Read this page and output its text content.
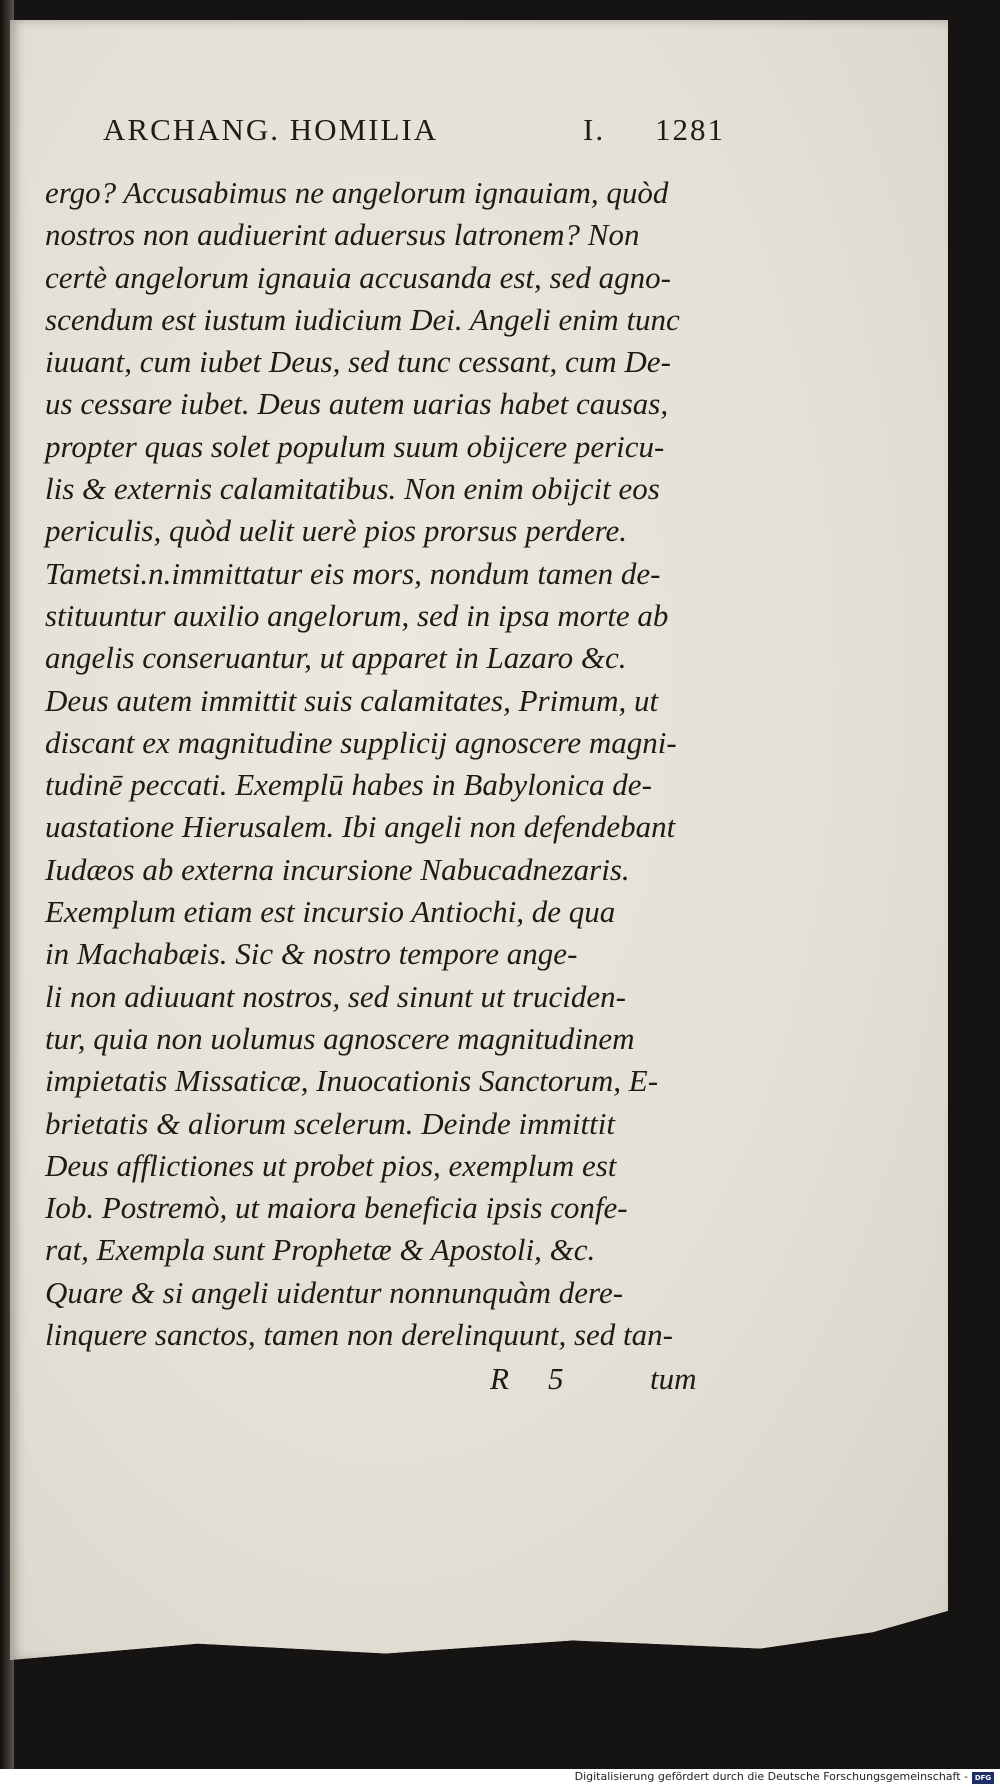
ARCHANG. HOMILIA	I. 1281
ergo? Accusabimus ne angelorum ignauiam, quòd
nostros non audiuerint aduersus latronem? Non
certè angelorum ignauia accusanda est, sed agno-
scendum est iustum iudicium Dei. Angeli enim tunc
iuuant, cum iubet Deus, sed tunc cessant, cum De-
us cessare iubet. Deus autem uarias habet causas,
propter quas solet populum suum obijcere pericu-
lis & externis calamitatibus. Non enim obijcit eos
periculis, quòd uelit uerè pios prorsus perdere.
Tametsi.n.immittatur eis mors, nondum tamen de-
stituuntur auxilio angelorum, sed in ipsa morte ab
angelis conseruantur, ut apparet in Lazaro &c.
Deus autem immittit suis calamitates, Primum, ut
discant ex magnitudine supplicij agnoscere magni-
tudinē peccati. Exemplū habes in Babylonica de-
uastatione Hierusalem. Ibi angeli non defendebant
Iudæos ab externa incursione Nabucadnezaris.
Exemplum etiam est incursio Antiochi, de qua
in Machabæis. Sic & nostro tempore ange-
li non adiuuant nostros, sed sinunt ut truciden-
tur, quia non uolumus agnoscere magnitudinem
impietatis Missaticæ, Inuocationis Sanctorum, E-
brietatis & aliorum scelerum. Deinde immittit
Deus afflictiones ut probet pios, exemplum est
Iob. Postremò, ut maiora beneficia ipsis confe-
rat, Exempla sunt Prophetæ & Apostoli, &c.
Quare & si angeli uidentur nonnunquàm dere-
linquere sanctos, tamen non derelinquunt, sed tan-
R 5	tum
Digitalisierung gefördert durch die Deutsche Forschungsgemeinschaft - DFG
